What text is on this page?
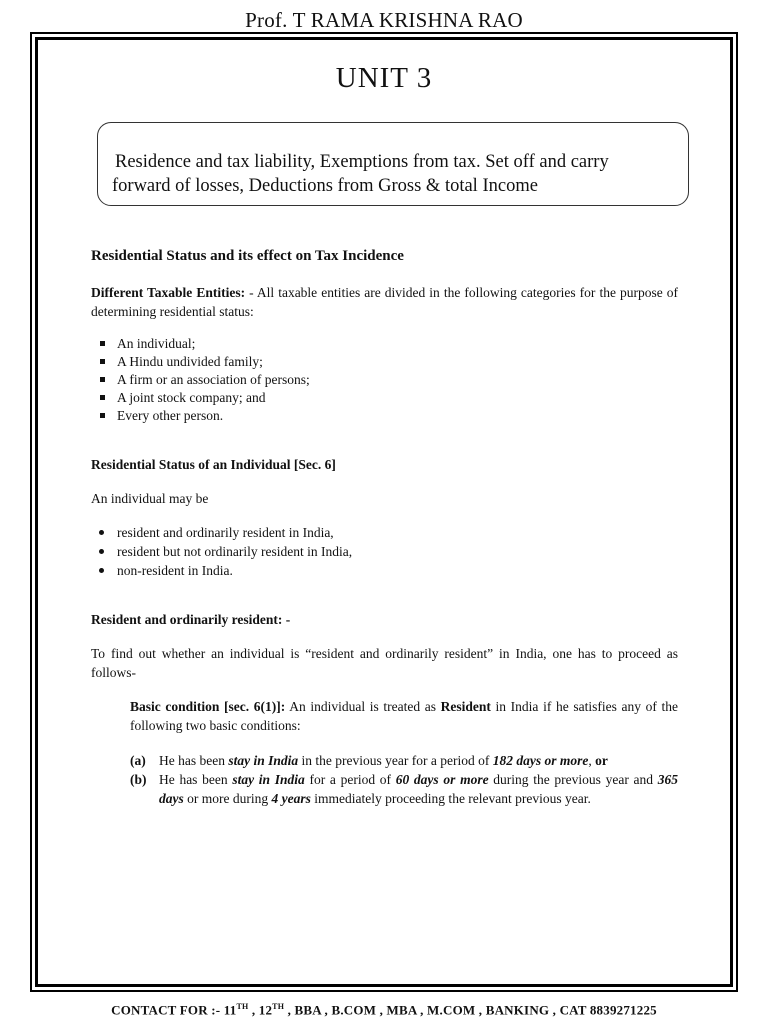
Prof. T RAMA KRISHNA RAO
UNIT 3
Residence and tax liability, Exemptions from tax. Set off and carry
forward of losses, Deductions from Gross & total Income

Residential Status and its effect on Tax Incidence

Different Taxable Entities: - All taxable entities are divided in the following categories for the purpose of determining residential status:

An individual;
A Hindu undivided family;
A firm or an association of persons;
A joint stock company; and
Every other person.

Residential Status of an Individual [Sec. 6]

An individual may be

resident and ordinarily resident in India,
resident but not ordinarily resident in India,
non-resident in India.

Resident and ordinarily resident: -

To find out whether an individual is “resident and ordinarily resident” in India, one has to proceed as follows-

Basic condition [sec. 6(1)]: An individual is treated as Resident in India if he satisfies any of the following two basic conditions:

(a) He has been stay in India in the previous year for a period of 182 days or more, or
(b) He has been stay in India for a period of 60 days or more during the previous year and 365 days or more during 4 years immediately proceeding the relevant previous year.
CONTACT FOR :- 11TH , 12TH , BBA , B.COM , MBA , M.COM , BANKING , CAT 8839271225
